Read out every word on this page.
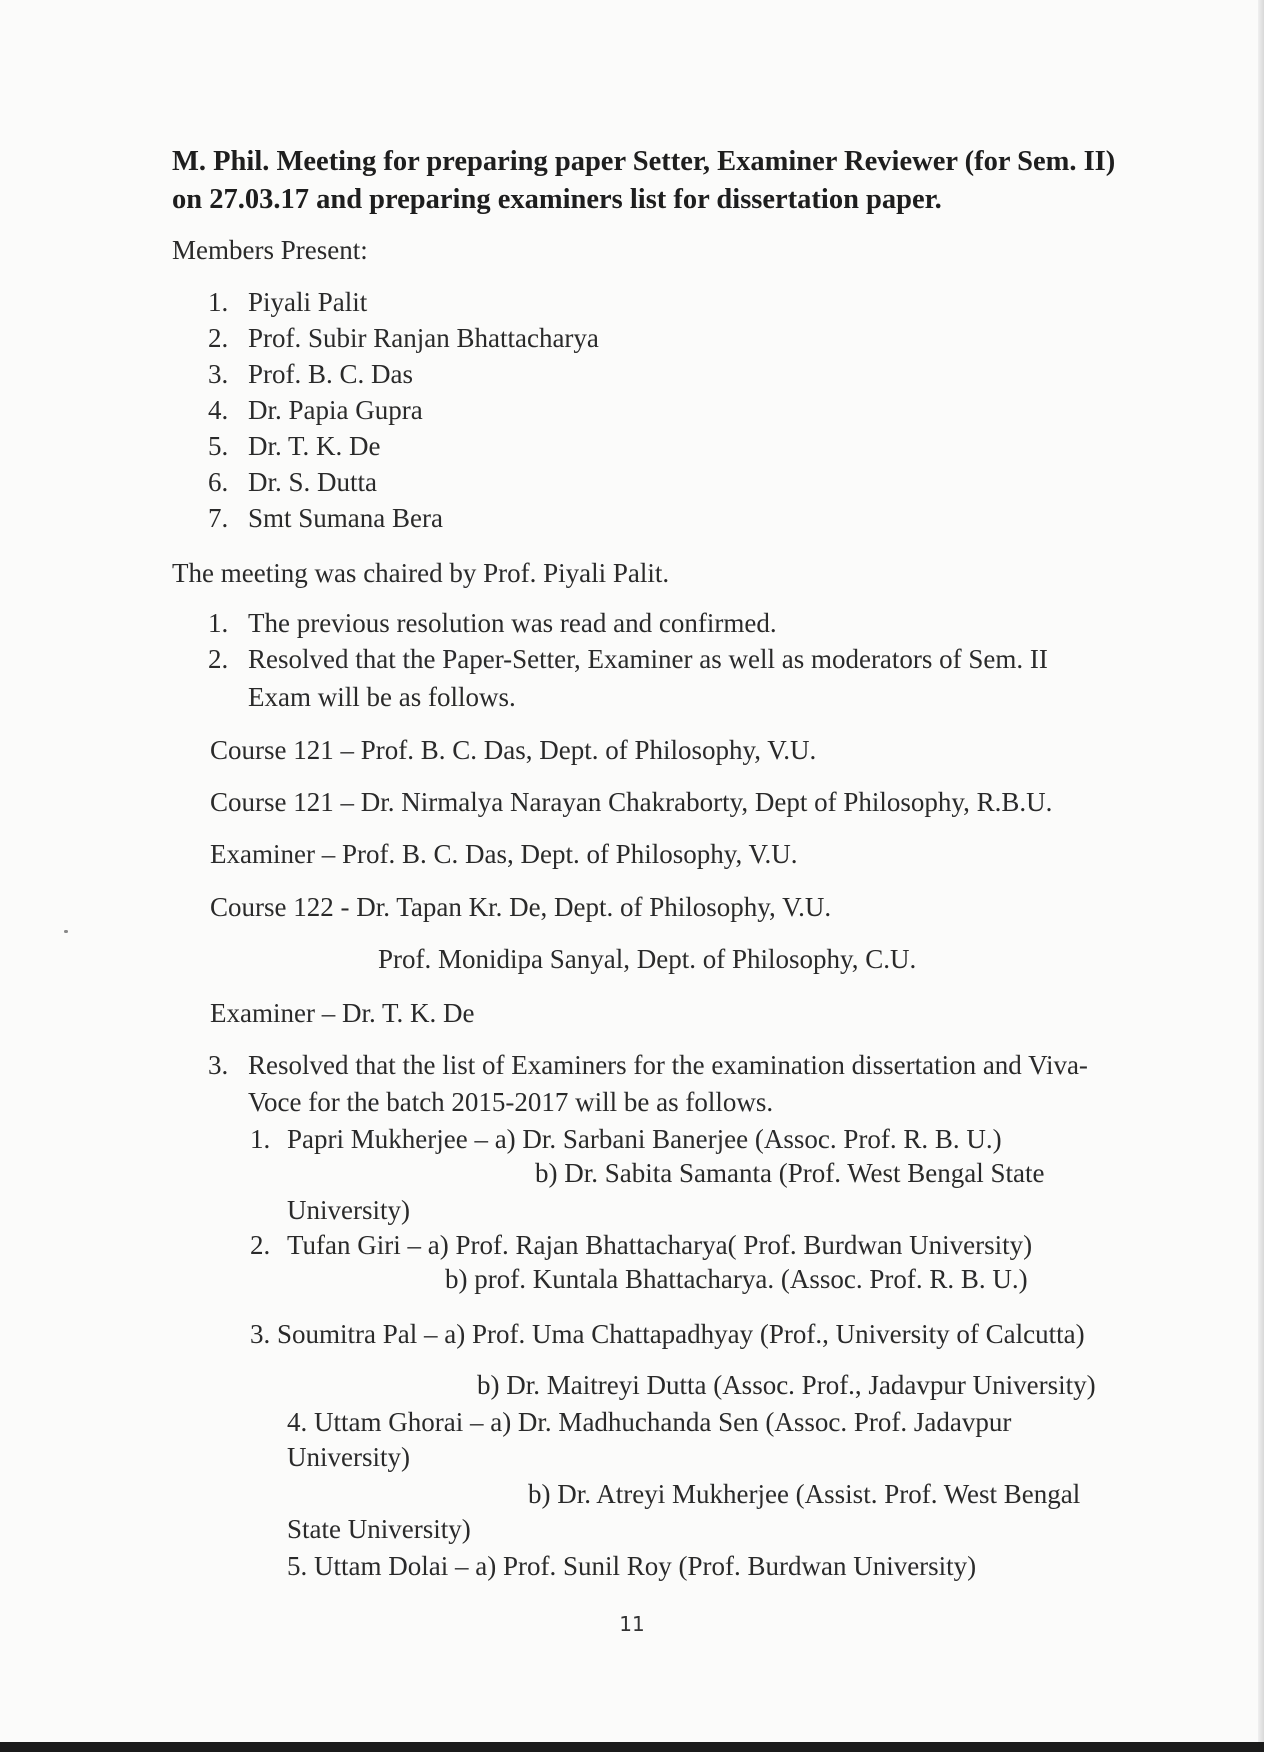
M. Phil. Meeting for preparing paper Setter, Examiner Reviewer (for Sem. II)
on 27.03.17 and preparing examiners list for dissertation paper.
Members Present:
1. Piyali Palit
2. Prof. Subir Ranjan Bhattacharya
3. Prof. B. C. Das
4. Dr. Papia Gupra
5. Dr. T. K. De
6. Dr. S. Dutta
7. Smt Sumana Bera
The meeting was chaired by Prof. Piyali Palit.
1. The previous resolution was read and confirmed.
2. Resolved that the Paper-Setter, Examiner as well as moderators of Sem. II
Exam will be as follows.
Course 121 – Prof. B. C. Das, Dept. of Philosophy, V.U.
Course 121 – Dr. Nirmalya Narayan Chakraborty, Dept of Philosophy, R.B.U.
Examiner – Prof. B. C. Das, Dept. of Philosophy, V.U.
Course 122 - Dr. Tapan Kr. De, Dept. of Philosophy, V.U.
Prof. Monidipa Sanyal, Dept. of Philosophy, C.U.
Examiner – Dr. T. K. De
3. Resolved that the list of Examiners for the examination dissertation and Viva-
Voce for the batch 2015-2017 will be as follows.
1. Papri Mukherjee – a) Dr. Sarbani Banerjee (Assoc. Prof. R. B. U.)
b) Dr. Sabita Samanta (Prof. West Bengal State
University)
2. Tufan Giri – a) Prof. Rajan Bhattacharya( Prof. Burdwan University)
b) prof. Kuntala Bhattacharya. (Assoc. Prof. R. B. U.)
3. Soumitra Pal – a) Prof. Uma Chattapadhyay (Prof., University of Calcutta)
b) Dr. Maitreyi Dutta (Assoc. Prof., Jadavpur University)
4. Uttam Ghorai – a) Dr. Madhuchanda Sen (Assoc. Prof. Jadavpur
University)
b) Dr. Atreyi Mukherjee (Assist. Prof. West Bengal
State University)
5. Uttam Dolai – a) Prof. Sunil Roy (Prof. Burdwan University)
11
